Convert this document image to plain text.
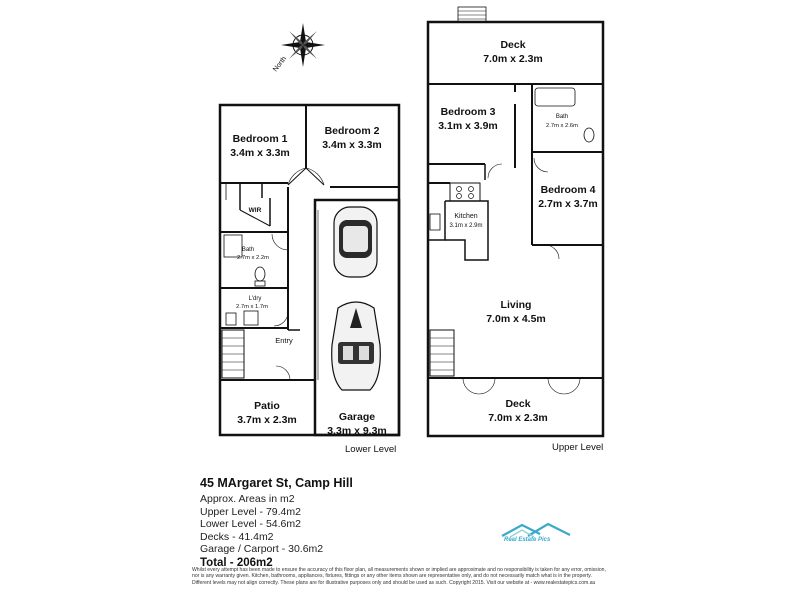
North
Bedroom 1
3.4m x 3.3m
Bedroom 2
3.4m x 3.3m
WIR
Bath
2.7m x 2.2m
L'dry
2.7m x 1.7m
Entry
Patio
3.7m x 2.3m	Garage
3.3m x 9.3m
Lower Level
Deck
7.0m x 2.3m
Bedroom 3
3.1m x 3.9m
Bath
2.7m x 2.6m
Bedroom 4
2.7m x 3.7m
Kitchen
3.1m x 2.9m
Living
7.0m x 4.5m
Deck
7.0m x 2.3m
Upper Level
45 MArgaret St, Camp Hill
Approx. Areas in m2
Upper Level - 79.4m2
Lower Level - 54.6m2
Decks - 41.4m2
Garage / Carport - 30.6m2
Total - 206m2
Real Estate Pics
Whilst every attempt has been made to ensure the accuracy of this floor plan, all measurements shown or implied are approximate and no responsibility is taken for any error, omission, nor is any warranty given. Kitchen, bathrooms, appliances, fixtures, fittings or any other items shown are representative only, and do not necessarily match what is in the property. Different levels may not align correctly. These plans are for illustrative purposes only and should be used as such. Copyright 2015. Visit our website at - www.realestatepics.com.au
